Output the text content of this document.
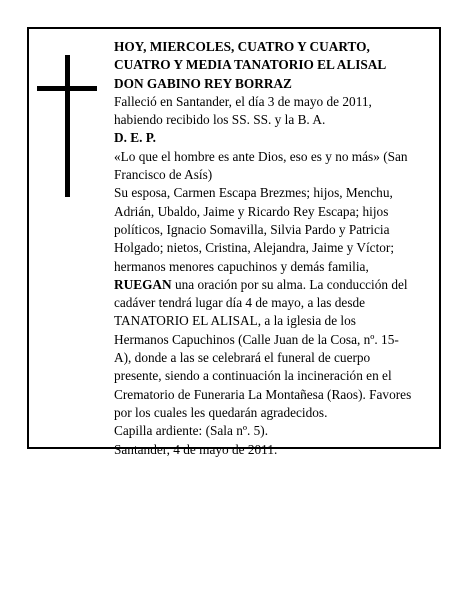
HOY, MIERCOLES, CUATRO Y CUARTO, CUATRO Y MEDIA TANATORIO EL ALISAL

DON GABINO REY BORRAZ

Falleció en Santander, el día 3 de mayo de 2011, habiendo recibido los SS. SS. y la B. A.

D. E. P.

«Lo que el hombre es ante Dios, eso es y no más» (San Francisco de Asís)

Su esposa, Carmen Escapa Brezmes; hijos, Menchu, Adrián, Ubaldo, Jaime y Ricardo Rey Escapa; hijos políticos, Ignacio Somavilla, Silvia Pardo y Patricia Holgado; nietos, Cristina, Alejandra, Jaime y Víctor; hermanos menores capuchinos y demás familia,

RUEGAN una oración por su alma. La conducción del cadáver tendrá lugar día 4 de mayo, a las desde TANATORIO EL ALISAL, a la iglesia de los Hermanos Capuchinos (Calle Juan de la Cosa, nº. 15-A), donde a las se celebrará el funeral de cuerpo presente, siendo a continuación la incineración en el Crematorio de Funeraria La Montañesa (Raos). Favores por los cuales les quedarán agradecidos.

Capilla ardiente: (Sala nº. 5).

Santander, 4 de mayo de 2011.
